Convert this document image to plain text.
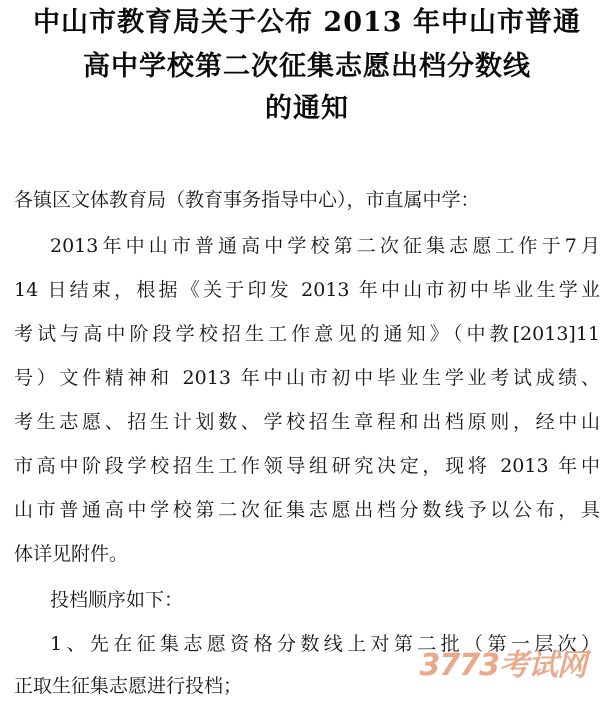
中山市教育局关于公布 2013 年中山市普通
高中学校第二次征集志愿出档分数线
的通知
各镇区文体教育局（教育事务指导中心），市直属中学：
2013年中山市普通高中学校第二次征集志愿工作于7月
14 日结束，根据《关于印发 2013 年中山市初中毕业生学业
考试与高中阶段学校招生工作意见的通知》（中教[2013]11
号）文件精神和 2013 年中山市初中毕业生学业考试成绩、
考生志愿、招生计划数、学校招生章程和出档原则，经中山
市高中阶段学校招生工作领导组研究决定，现将 2013 年中
山市普通高中学校第二次征集志愿出档分数线予以公布，具
体详见附件。
投档顺序如下：
1、先在征集志愿资格分数线上对第二批（第一层次）
正取生征集志愿进行投档；
3773考试网
